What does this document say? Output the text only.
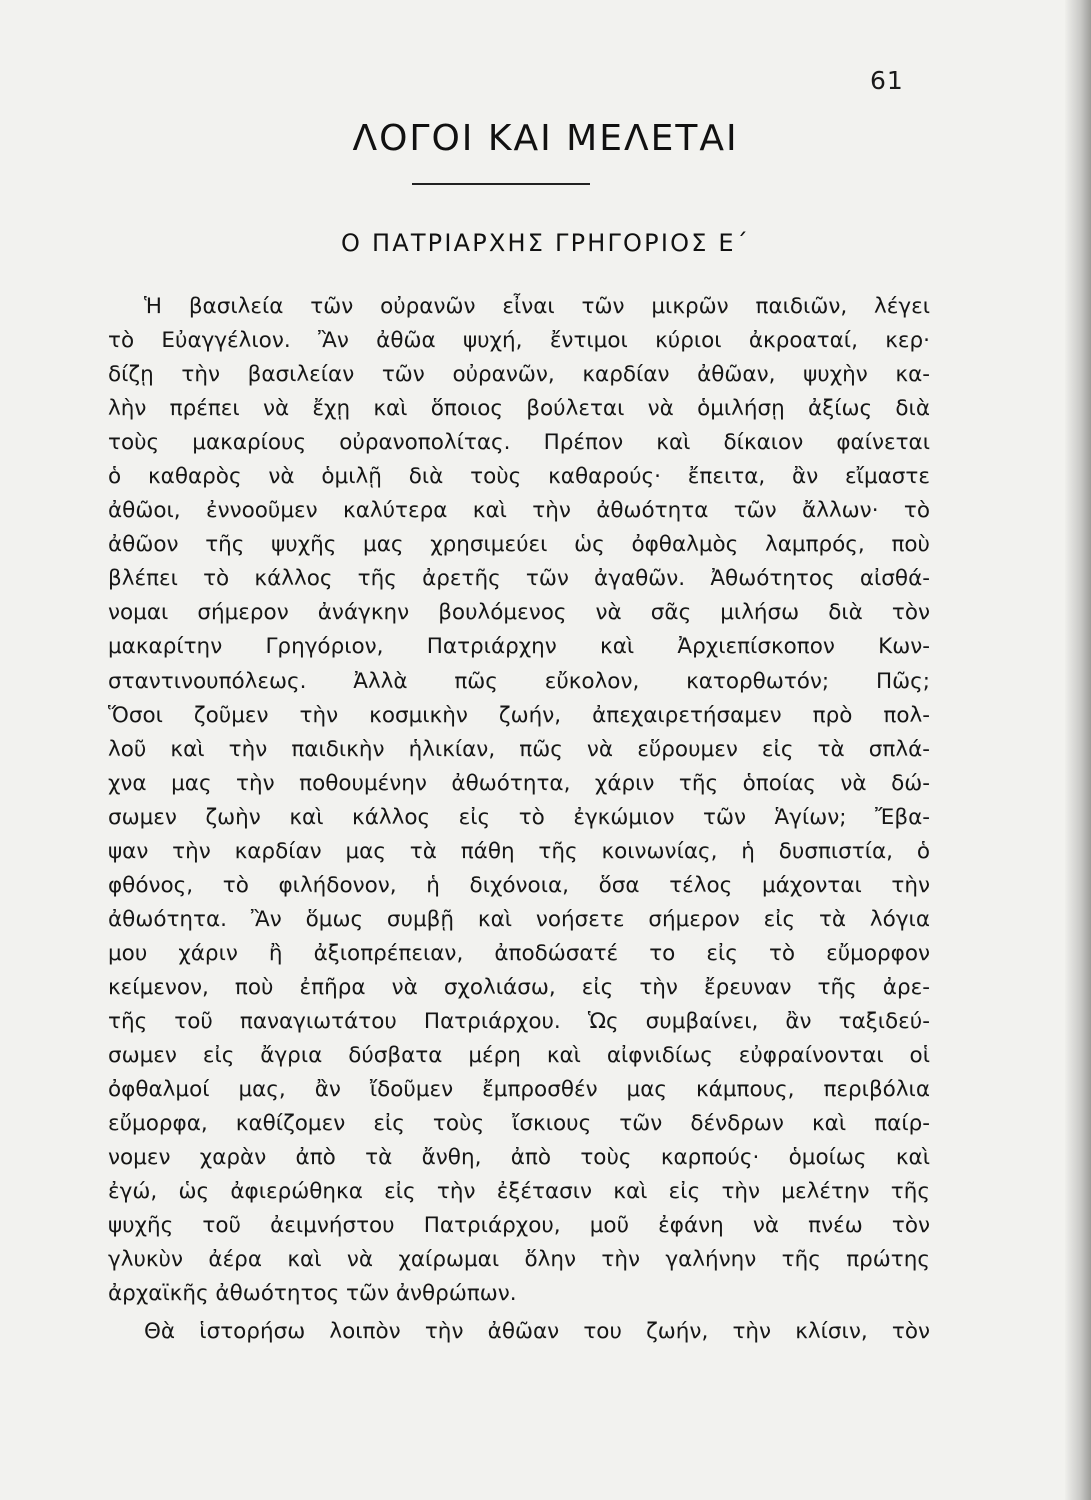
61
ΛΟΓΟΙ ΚΑΙ ΜΕΛΕΤΑΙ
Ο ΠΑΤΡΙΑΡΧΗΣ ΓΡΗΓΟΡΙΟΣ Ε΄
Ἡ βασιλεία τῶν οὐρανῶν εἶναι τῶν μικρῶν παιδιῶν, λέγει
τὸ Εὐαγγέλιον. Ἂν ἀθῶα ψυχή, ἔντιμοι κύριοι ἀκροαταί, κερ·
δίζῃ τὴν βασιλείαν τῶν οὐρανῶν, καρδίαν ἀθῶαν, ψυχὴν κα-
λὴν πρέπει νὰ ἔχῃ καὶ ὅποιος βούλεται νὰ ὁμιλήσῃ ἀξίως διὰ
τοὺς μακαρίους οὐρανοπολίτας. Πρέπον καὶ δίκαιον φαίνεται
ὁ καθαρὸς νὰ ὁμιλῇ διὰ τοὺς καθαρούς· ἔπειτα, ἂν εἴμαστε
ἀθῶοι, ἐννοοῦμεν καλύτερα καὶ τὴν ἀθωότητα τῶν ἄλλων· τὸ
ἀθῶον τῆς ψυχῆς μας χρησιμεύει ὡς ὀφθαλμὸς λαμπρός, ποὺ
βλέπει τὸ κάλλος τῆς ἀρετῆς τῶν ἀγαθῶν. Ἀθωότητος αἰσθά-
νομαι σήμερον ἀνάγκην βουλόμενος νὰ σᾶς μιλήσω διὰ τὸν
μακαρίτην Γρηγόριον, Πατριάρχην καὶ Ἀρχιεπίσκοπον Κων-
σταντινουπόλεως. Ἀλλὰ πῶς εὔκολον, κατορθωτόν; Πῶς;
Ὅσοι ζοῦμεν τὴν κοσμικὴν ζωήν, ἀπεχαιρετήσαμεν πρὸ πολ-
λοῦ καὶ τὴν παιδικὴν ἡλικίαν, πῶς νὰ εὕρουμεν εἰς τὰ σπλά-
χνα μας τὴν ποθουμένην ἀθωότητα, χάριν τῆς ὁποίας νὰ δώ-
σωμεν ζωὴν καὶ κάλλος εἰς τὸ ἐγκώμιον τῶν Ἁγίων; Ἔβα-
ψαν τὴν καρδίαν μας τὰ πάθη τῆς κοινωνίας, ἡ δυσπιστία, ὁ
φθόνος, τὸ φιλήδονον, ἡ διχόνοια, ὅσα τέλος μάχονται τὴν
ἀθωότητα. Ἂν ὅμως συμβῇ καὶ νοήσετε σήμερον εἰς τὰ λόγια
μου χάριν ἢ ἀξιοπρέπειαν, ἀποδώσατέ το εἰς τὸ εὔμορφον
κείμενον, ποὺ ἐπῆρα νὰ σχολιάσω, εἰς τὴν ἔρευναν τῆς ἀρε-
τῆς τοῦ παναγιωτάτου Πατριάρχου. Ὡς συμβαίνει, ἂν ταξιδεύ-
σωμεν εἰς ἄγρια δύσβατα μέρη καὶ αἰφνιδίως εὐφραίνονται οἱ
ὀφθαλμοί μας, ἂν ἴδοῦμεν ἔμπροσθέν μας κάμπους, περιβόλια
εὔμορφα, καθίζομεν εἰς τοὺς ἴσκιους τῶν δένδρων καὶ παίρ-
νομεν χαρὰν ἀπὸ τὰ ἄνθη, ἀπὸ τοὺς καρπούς· ὁμοίως καὶ
ἐγώ, ὡς ἀφιερώθηκα εἰς τὴν ἐξέτασιν καὶ εἰς τὴν μελέτην τῆς
ψυχῆς τοῦ ἀειμνήστου Πατριάρχου, μοῦ ἐφάνη νὰ πνέω τὸν
γλυκὺν ἀέρα καὶ νὰ χαίρωμαι ὅλην τὴν γαλήνην τῆς πρώτης
ἀρχαϊκῆς ἀθωότητος τῶν ἀνθρώπων.
Θὰ ἱστορήσω λοιπὸν τὴν ἀθῶαν του ζωήν, τὴν κλίσιν, τὸν
